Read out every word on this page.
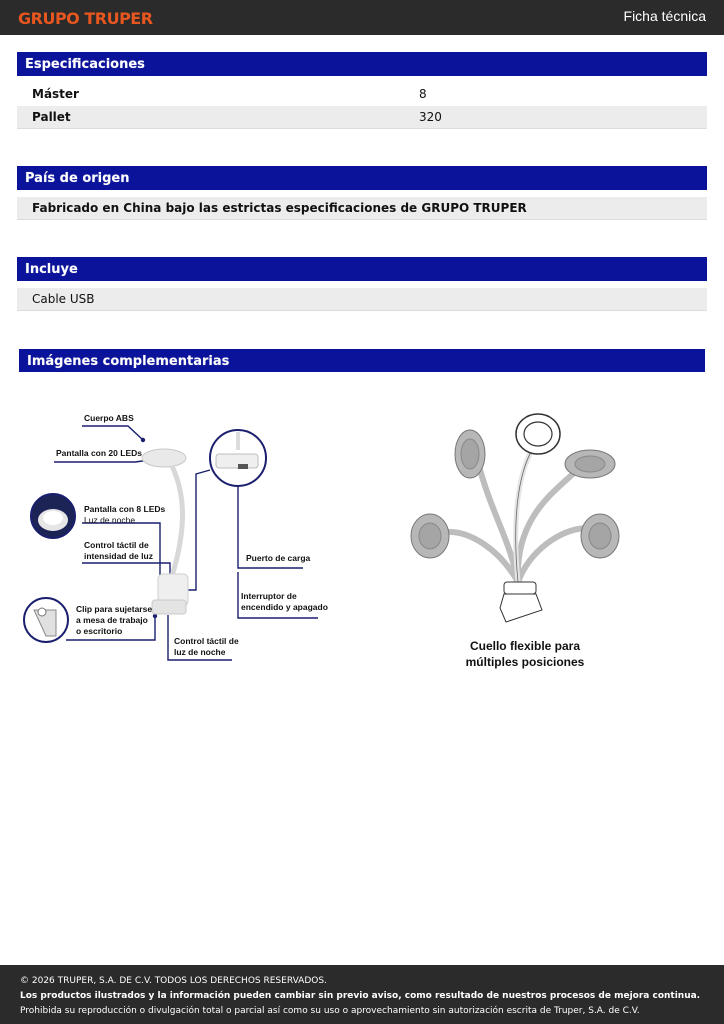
GRUPO TRUPER	Ficha técnica
Especificaciones
Máster	8
Pallet	320
País de origen
Fabricado en China bajo las estrictas especificaciones de GRUPO TRUPER
Incluye
Cable USB
Imágenes complementarias
Cuerpo ABS
Pantalla con 20 LEDs
Pantalla con 8 LEDs
Luz de noche
Control táctil de
intensidad de luz	Puerto de carga
Interruptor de
encendido y apagado
Clip para sujetarse
a mesa de trabajo
o escritorio
Control táctil de
luz de noche	Cuello flexible para
múltiples posiciones
© 2026 TRUPER, S.A. DE C.V. TODOS LOS DERECHOS RESERVADOS.
Los productos ilustrados y la información pueden cambiar sin previo aviso, como resultado de nuestros procesos de mejora continua.
Prohibida su reproducción o divulgación total o parcial así como su uso o aprovechamiento sin autorización escrita de Truper, S.A. de C.V.
